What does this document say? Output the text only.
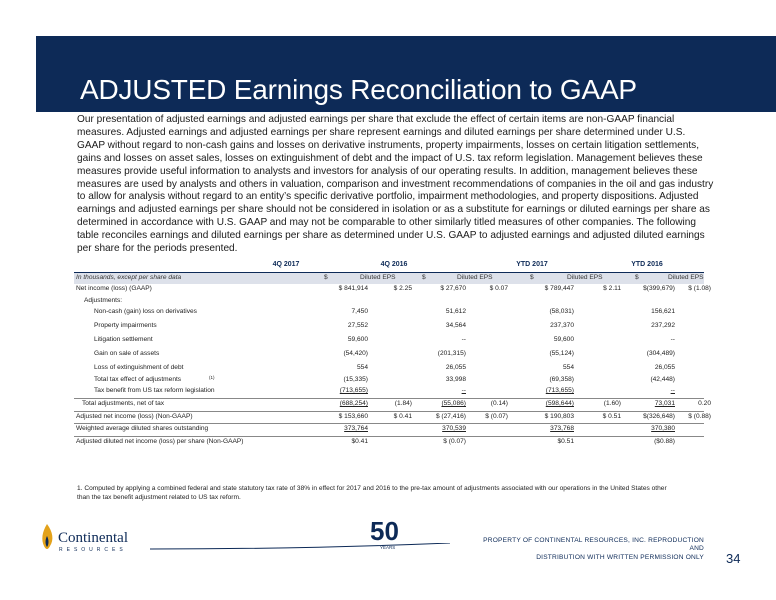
ADJUSTED Earnings Reconciliation to GAAP
Our presentation of adjusted earnings and adjusted earnings per share that exclude the effect of certain items are non-GAAP financial measures. Adjusted earnings and adjusted earnings per share represent earnings and diluted earnings per share determined under U.S. GAAP without regard to non-cash gains and losses on derivative instruments, property impairments, losses on certain litigation settlements, gains and losses on asset sales, losses on extinguishment of debt and the impact of U.S. tax reform legislation. Management believes these measures provide useful information to analysts and investors for analysis of our operating results. In addition, management believes these measures are used by analysts and others in valuation, comparison and investment recommendations of companies in the oil and gas industry to allow for analysis without regard to an entity’s specific derivative portfolio, impairment methodologies, and property dispositions. Adjusted earnings and adjusted earnings per share should not be considered in isolation or as a substitute for earnings or diluted earnings per share as determined in accordance with U.S. GAAP and may not be comparable to other similarly titled measures of other companies. The following table reconciles earnings and diluted earnings per share as determined under U.S. GAAP to adjusted earnings and adjusted diluted earnings per share for the periods presented.
4Q 2017	4Q 2016	YTD 2017	YTD 2016
In thousands, except per share data	$	Diluted EPS	$	Diluted EPS	$	Diluted EPS	$	Diluted EPS
Net income (loss) (GAAP)	$ 841,914	$ 2.25	$ 27,670	$ 0.07	$ 789,447	$ 2.11	$(399,679) $ (1.08)
Adjustments:
Non-cash (gain) loss on derivatives	7,450	51,612	(58,031)	156,621
Property impairments	27,552	34,564	237,370	237,292
Litigation settlement	59,600	--	59,600	--
Gain on sale of assets	(54,420)	(201,315)	(55,124)	(304,489)
Loss of extinguishment of debt	554	26,055	554	26,055
Total tax effect of adjustments	(1)	(15,335)	33,998	(69,358)	(42,448)
Tax benefit from US tax reform legislation	(713,655)	--	(713,655)	--
Total adjustments, net of tax	(688,254)	(1.84)	(55,086)	(0.14)	(598,644)	(1.60)	73,031	0.20
Adjusted net income (loss) (Non-GAAP)	$ 153,660	$ 0.41	$ (27,416)	$ (0.07)	$ 190,803	$ 0.51	$(326,648) $ (0.88)
Weighted average diluted shares outstanding	373,764	370,539	373,768	370,380
Adjusted diluted net income (loss) per share (Non-GAAP)	$0.41	$ (0.07)	$0.51	($0.88)
1. Computed by applying a combined federal and state statutory tax rate of 38% in effect for 2017 and 2016 to the pre-tax amount of adjustments associated with our operations in the United States other than the tax benefit adjustment related to US tax reform.
Continental
RESOURCES
50
YEARS
PROPERTY OF CONTINENTAL RESOURCES, INC. REPRODUCTION AND
DISTRIBUTION WITH WRITTEN PERMISSION ONLY 34
